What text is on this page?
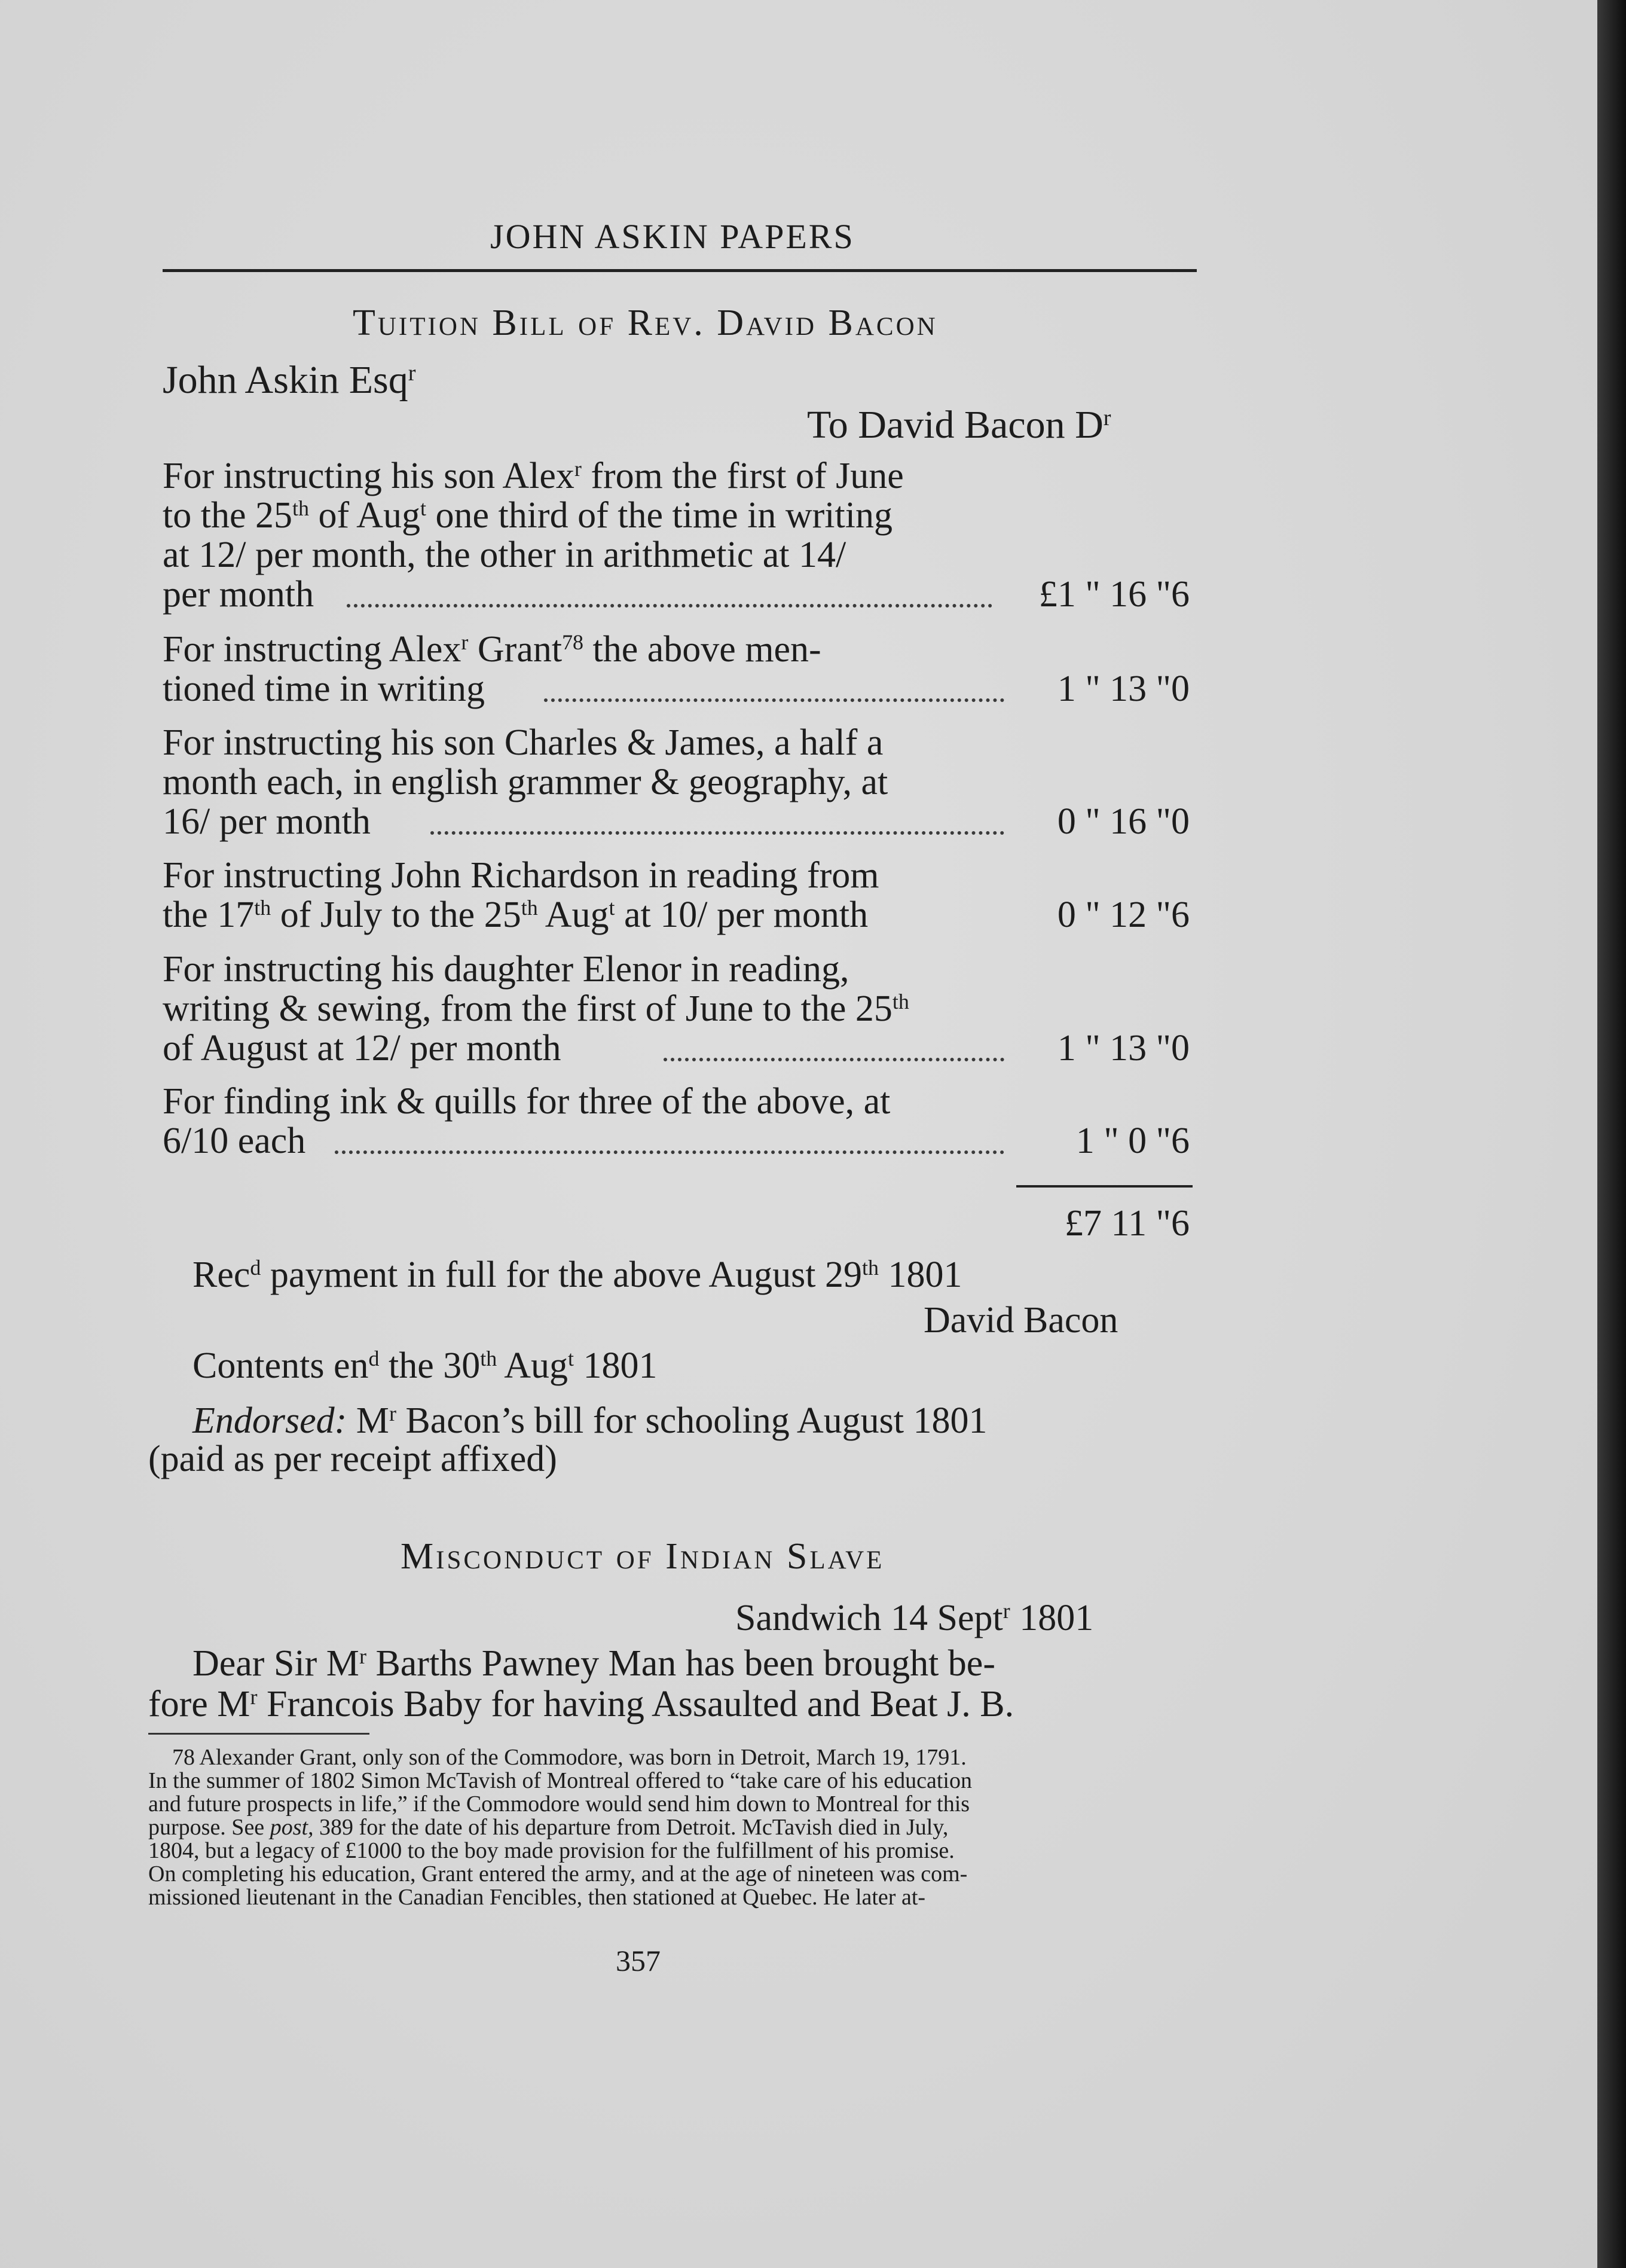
JOHN ASKIN PAPERS
Tuition Bill of Rev. David Bacon
John Askin Esq$^r$
To David Bacon $D^r$
For instructing his son Alex$^r$ from the first of June
to the 25th of Aug$^t$ one third of the time in writing
at 12/ per month, the other in arithmetic at 14/
per month	£1 " 16 "6
For instructing Alex$^r$ Grant$^{78}$ the above men-
tioned time in writing	1 " 13 "0
For instructing his son Charles & James, a half a
month each, in english grammer & geography, at
16/ per month	0 " 16 "0
For instructing John Richardson in reading from
the 17th of July to the 25th Aug$^t$ at 10/ per month	0 " 12 "6
For instructing his daughter Elenor in reading,
writing & sewing, from the first of June to the 25th
of August at 12/ per month	1 " 13 "0
For finding ink & quills for three of the above, at
6/10 each	1 " 0 "6
£7 11 "6
Rec$^d$ payment in full for the above August 29th 1801
David Bacon
Contents $en^d$ the 30th Aug$^t$ 1801
Endorsed: $M^r$ Bacon’s bill for schooling August 1801
(paid as per receipt affixed)
Misconduct of Indian Slave
Sandwich 14 Sept$^r$ 1801
Dear Sir $M^r$ Barths Pawney Man has been brought be-
fore $M^r$ Francois Baby for having Assaulted and Beat J. B.
78 Alexander Grant, only son of the Commodore, was born in Detroit, March 19, 1791.
In the summer of 1802 Simon McTavish of Montreal offered to “take care of his education
and future prospects in life,” if the Commodore would send him down to Montreal for this
purpose. See post, 389 for the date of his departure from Detroit. McTavish died in July,
1804, but a legacy of £1000 to the boy made provision for the fulfillment of his promise.
On completing his education, Grant entered the army, and at the age of nineteen was com-
missioned lieutenant in the Canadian Fencibles, then stationed at Quebec. He later at-
357
